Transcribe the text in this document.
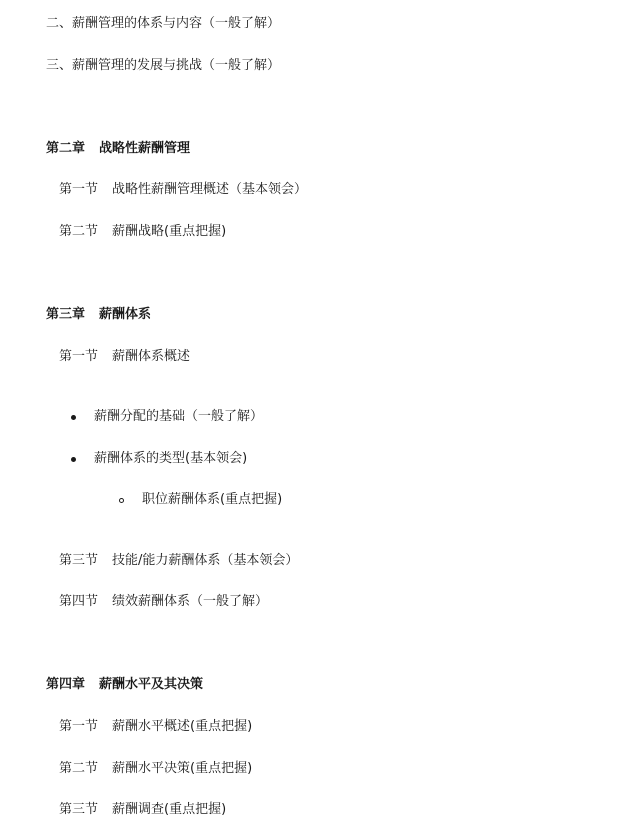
二、薪酬管理的体系与内容（一般了解）
三、薪酬管理的发展与挑战（一般了解）
第二章 战略性薪酬管理
第一节 战略性薪酬管理概述（基本领会）
第二节 薪酬战略(重点把握)
第三章 薪酬体系
第一节 薪酬体系概述
薪酬分配的基础（一般了解）
薪酬体系的类型(基本领会)
职位薪酬体系(重点把握)
第三节 技能/能力薪酬体系（基本领会）
第四节 绩效薪酬体系（一般了解）
第四章 薪酬水平及其决策
第一节 薪酬水平概述(重点把握)
第二节 薪酬水平决策(重点把握)
第三节 薪酬调查(重点把握)
